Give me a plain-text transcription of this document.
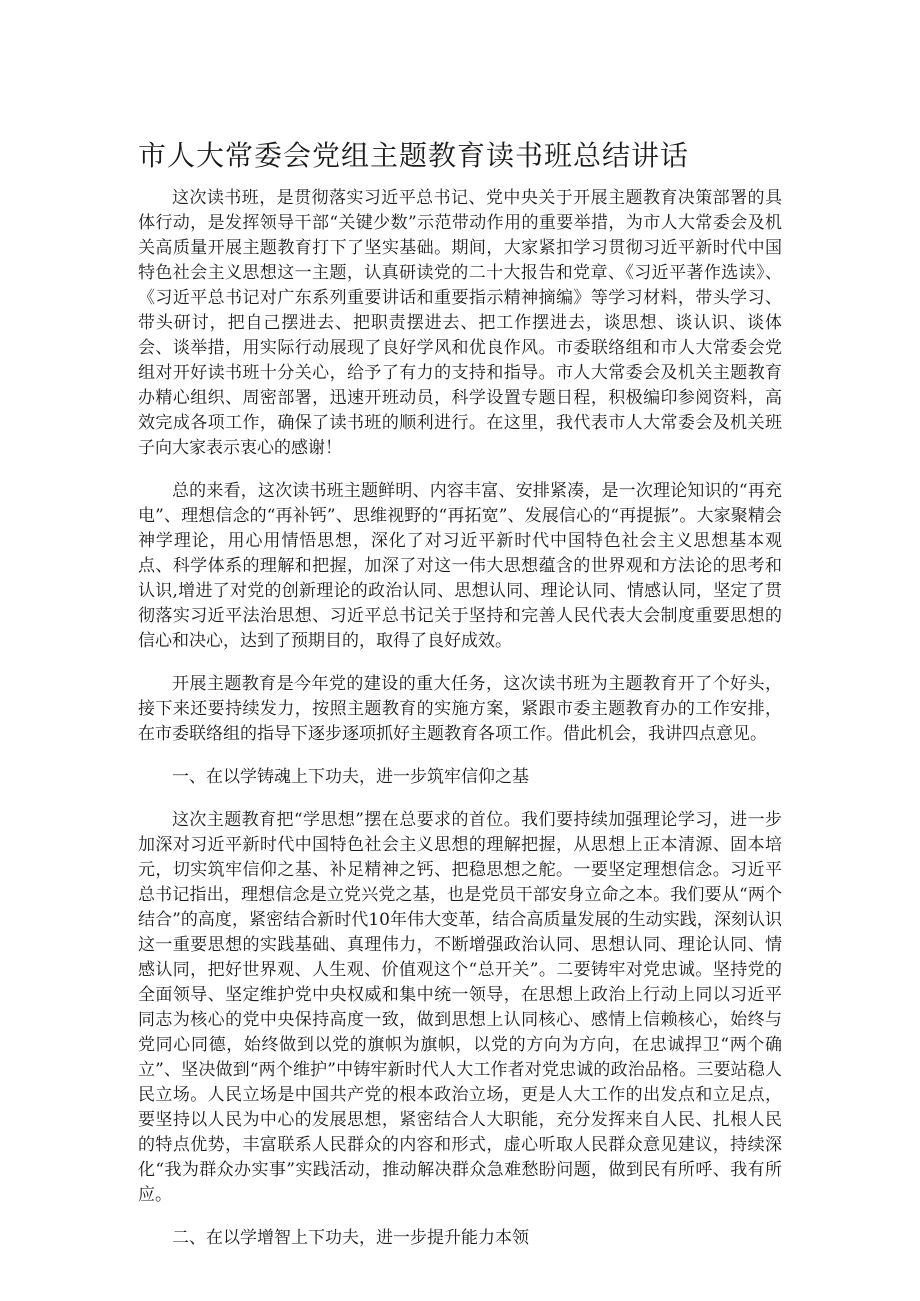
市人大常委会党组主题教育读书班总结讲话

这次读书班，是贯彻落实习近平总书记、党中央关于开展主题教育决策部署的具体行动，是发挥领导干部“关键少数”示范带动作用的重要举措，为市人大常委会及机关高质量开展主题教育打下了坚实基础。期间，大家紧扣学习贯彻习近平新时代中国特色社会主义思想这一主题，认真研读党的二十大报告和党章、《习近平著作选读》、《习近平总书记对广东系列重要讲话和重要指示精神摘编》等学习材料，带头学习、带头研讨，把自己摆进去、把职责摆进去、把工作摆进去，谈思想、谈认识、谈体会、谈举措，用实际行动展现了良好学风和优良作风。市委联络组和市人大常委会党组对开好读书班十分关心，给予了有力的支持和指导。市人大常委会及机关主题教育办精心组织、周密部署，迅速开班动员，科学设置专题日程，积极编印参阅资料，高效完成各项工作，确保了读书班的顺利进行。在这里，我代表市人大常委会及机关班子向大家表示衷心的感谢！

总的来看，这次读书班主题鲜明、内容丰富、安排紧凑，是一次理论知识的“再充电”、理想信念的“再补钙”、思维视野的“再拓宽”、发展信心的“再提振”。大家聚精会神学理论，用心用情悟思想，深化了对习近平新时代中国特色社会主义思想基本观点、科学体系的理解和把握，加深了对这一伟大思想蕴含的世界观和方法论的思考和认识,增进了对党的创新理论的政治认同、思想认同、理论认同、情感认同，坚定了贯彻落实习近平法治思想、习近平总书记关于坚持和完善人民代表大会制度重要思想的信心和决心，达到了预期目的，取得了良好成效。

开展主题教育是今年党的建设的重大任务，这次读书班为主题教育开了个好头，接下来还要持续发力，按照主题教育的实施方案，紧跟市委主题教育办的工作安排，在市委联络组的指导下逐步逐项抓好主题教育各项工作。借此机会，我讲四点意见。

一、在以学铸魂上下功夫，进一步筑牢信仰之基

这次主题教育把“学思想”摆在总要求的首位。我们要持续加强理论学习，进一步加深对习近平新时代中国特色社会主义思想的理解把握，从思想上正本清源、固本培元，切实筑牢信仰之基、补足精神之钙、把稳思想之舵。一要坚定理想信念。习近平总书记指出，理想信念是立党兴党之基，也是党员干部安身立命之本。我们要从“两个结合”的高度，紧密结合新时代10年伟大变革，结合高质量发展的生动实践，深刻认识这一重要思想的实践基础、真理伟力，不断增强政治认同、思想认同、理论认同、情感认同，把好世界观、人生观、价值观这个“总开关”。二要铸牢对党忠诚。坚持党的全面领导、坚定维护党中央权威和集中统一领导，在思想上政治上行动上同以习近平同志为核心的党中央保持高度一致，做到思想上认同核心、感情上信赖核心，始终与党同心同德，始终做到以党的旗帜为旗帜，以党的方向为方向，在忠诚捍卫“两个确立”、坚决做到“两个维护”中铸牢新时代人大工作者对党忠诚的政治品格。三要站稳人民立场。人民立场是中国共产党的根本政治立场，更是人大工作的出发点和立足点，要坚持以人民为中心的发展思想，紧密结合人大职能，充分发挥来自人民、扎根人民的特点优势，丰富联系人民群众的内容和形式，虚心听取人民群众意见建议，持续深化“我为群众办实事”实践活动，推动解决群众急难愁盼问题，做到民有所呼、我有所应。

二、在以学增智上下功夫，进一步提升能力本领
